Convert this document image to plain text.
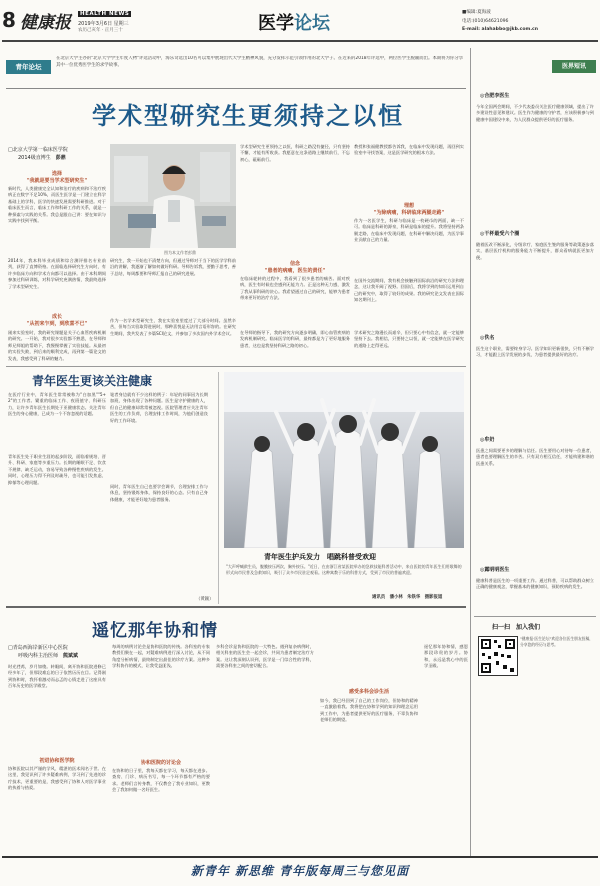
8 健康报	HEALTH NEWS
2019年3月6日 星期三
农历己亥年 · 正月三十	医学论坛
■编辑:夏海波
电话:(010)64621096
E-mail: alahabbo@jkb.com.cn
青年论坛
在北京大学主办的"北京大学学生年度人物"评选活动中，海乐奇选出10名可以集中展现出代大学生精神风貌，充分发挥示范引领作用的北大学子。在近来的2018年评选中，两位医学生脱颖而出。本期将为你分享其中一位优秀医学生的求学故事。
学术型研究生更须持之以恒
□北京大学第一临床医学院
2014级直博生　 彭鼎
选择
"我就是要当学术型研究生"
新时代，人类健康完全认知和治疗的疾病和不治疗疾病正在数字不足10%，而医生医学是一门建立在科学基础上的学科，医学的快速发展需要科研推进。对于临床医生而言，临床工作和科研工作的关系，就是一种探索与实践的关系。我总是跟自己讲：要在知识与实践中找到平衡。
2014年，我本科毕业成绩和综合测评排名专业前列，获得了直博资格。在面临选择研究生方向时，有许多临床方向和学术方向都可以选择。由于本科期间参加过科研训练，对科学研究充满热情，我最终选择了学术型研究生。
成长
"从初来乍到，到欣喜不已"
刚来实验室时，我的研究课题是关于心血管疾病机制的研究。一开始，我对很多实验都不熟悉，在导师和师兄师姐的帮助下，我慢慢掌握了实验技能。从最初的实验失败，到后来的顺利完成，再到第一篇论文的发表，我感受到了科研的魅力。
图为本文作者彭鼎
研究生，我一开始也不清楚方向，但通过导师对于当下的医学学科前沿的讲解，我逐渐了解如何做好科研。导师告诉我，要勤于思考，善于总结，每周都要和导师汇报自己的研究进展。
作为一名学术型研究生，我在实验室里度过了大部分时间。虽然辛苦，但每当实验取得进展时，那种喜悦是无法用言语形容的。在研究生期间，我共发表了多篇SCI论文，并参加了多次国内外学术会议。
学术型研究生更须持之以恒，科研之路没有捷径，只有坚持不懈，才能有所收获。我愿意在这条道路上继续前行，不忘初心，砥砺前行。
信念
"患者的病痛，医生的责任"
在临床轮转的过程中，我看到了很多患者的痛苦。面对疾病，医生有时候也会感到无能为力。正是这种无力感，激发了我从事科研的决心。我希望通过自己的研究，能够为患者带来更好的治疗方法。
在导师的指导下，我的研究方向逐步明确，即心血管疾病的发病机制研究。临床医学的科研，最终都是为了更好地服务患者，这也是我坚持科研之路的初心。
教授和张福健教授都告诉我，在临床中发现问题，再回到实验室中寻找答案，这是医学研究的根本方法。
理想
"为除病痛，科研临床两腿走路"
作为一名医学生，科研与临床是一枚硬币的两面，缺一不可。临床是科研的源泉，科研是临床的提升。我将坚持两条腿走路，在临床中发现问题，在科研中解决问题，为医学事业贡献自己的力量。
在国外交流期间，我有机会接触到国际前沿的研究方法和理念，这让我开阔了视野。回国后，我将学到的知识运用到自己的研究中，取得了较好的成果。我的研究论文发表在国际知名期刊上。
学术研究之路漫长而艰辛，但只要心中有信念，就一定能够坚持下去。我相信，只要持之以恒，就一定能够在医学研究的道路上走得更远。
青年医生更该关注健康
在医疗行业中，青年医生常常被称为"白加黑""5+2"的工作者。繁重的临床工作、夜班值守、科研压力，让许多青年医生长期处于亚健康状态。关注青年医生的身心健康，已成为一个不容忽视的话题。
青年医生处于职业生涯的起步阶段，面临着规培、晋升、科研、家庭等多重压力。长期的睡眠不足、饮食不规律、缺乏运动，容易导致各种慢性疾病的发生。同时，心理压力得不到及时疏导，也可能引发焦虑、抑郁等心理问题。
笔者身边就有不少这样的例子：年轻的同事因为长期加班，身体出现了各种问题。医生是守护健康的人，但自己的健康却常常被忽视。医院管理者应关注青年医生的工作负荷，合理安排工作时间，为他们创造良好的工作环境。
同时，青年医生自己也要学会调节，合理安排工作与休息，坚持锻炼身体，保持良好的心态。只有自己身体健康，才能更好地为患者服务。
（黄颖）
青年医生护兵发力　唱跳科普受欢迎
"大声呼喊救生员，腹膜按压两次，胸外按压。"近日，在由浙江省某医院举办的急救技能科普活动中，来自医院的青年医生们用歌舞的形式向市民普及急救知识，吸引了众多市民驻足观看。这种寓教于乐的科普方式，受到了市民的普遍欢迎。
通讯员　潘小林　朱铁华　摄影报道
遥忆那年协和情
□青岛西海岸新区中心医院
呼吸内科主治医师　 熊斌斌
时光荏苒，岁月如梭。转眼间，离开协和医院进修已经多年了，但那段难忘的日子依然历历在目。记得刚到协和时，我怀着激动而忐忑的心情走进了这座具有百年历史的医学殿堂。
初进协和医学院
协和医院以其严谨的学风、精湛的医术闻名于世。在这里，我见识到了许多疑难病例，学习到了先进的诊疗技术，更重要的是，我感受到了协和人对医学事业的执着与热爱。
每周的病例讨论会是协和医院的传统。各科室的专家教授们聚在一起，对疑难病例进行深入讨论，从不同角度分析病情，最终制定出最佳的诊疗方案。这种多学科协作的模式，让我受益匪浅。
协和医院的讨论会
在协和的日子里，我每天都在学习，每天都在进步。查房、门诊、病历书写，每一个环节都有严格的要求。老师们言传身教，不仅教会了我专业知识，更教会了我如何做一名好医生。
多科会诊是协和医院的一大特色。遇到复杂病例时，相关科室的医生会一起会诊，共同为患者制定治疗方案。这让我深刻认识到，医学是一门综合性的学科，需要各科室之间的密切配合。
感受多科会诊生活
如今，我已经回到了自己的工作岗位，但协和的精神一直激励着我。我将把在协和学到的知识和理念运用到工作中，为患者提供更好的医疗服务，不辜负协和老师们的期望。
遥忆那年协和情，感恩那段珍贵的岁月。协和，永远是我心中的医学圣殿。
医界短讯
◎合肥李医生
今年全国两会期间，不少代表委员关注医疗健康领域，提出了许多建设性意见和建议。医生作为健康的守护者，应该积极参与到健康中国建设中来，为人民群众提供更好的医疗服务。
◎干杯最受六个圈
随着医改不断深化，分级诊疗、家庭医生签约服务等政策逐步落实，基层医疗机构的服务能力不断提升，群众看病就医更加方便。
◎佚名
医生这个职业，需要终身学习。医学知识更新很快，只有不断学习，才能跟上医学发展的步伐，为患者提供最好的治疗。
◎牟奶
医患之间需要更多的理解与信任。医生要用心对待每一位患者，患者也要理解医生的辛苦。只有双方相互信任，才能构建和谐的医患关系。
◎露明明医生
健康科普是医生的一项重要工作。通过科普，可以帮助群众树立正确的健康观念，掌握基本的健康知识，预防疾病的发生。
扫一扫　加入我们
"健康报·医生论坛"欢迎各位医生朋友投稿，分享您的经历与思考。
新青年 新思维 青年版每周三与您见面
